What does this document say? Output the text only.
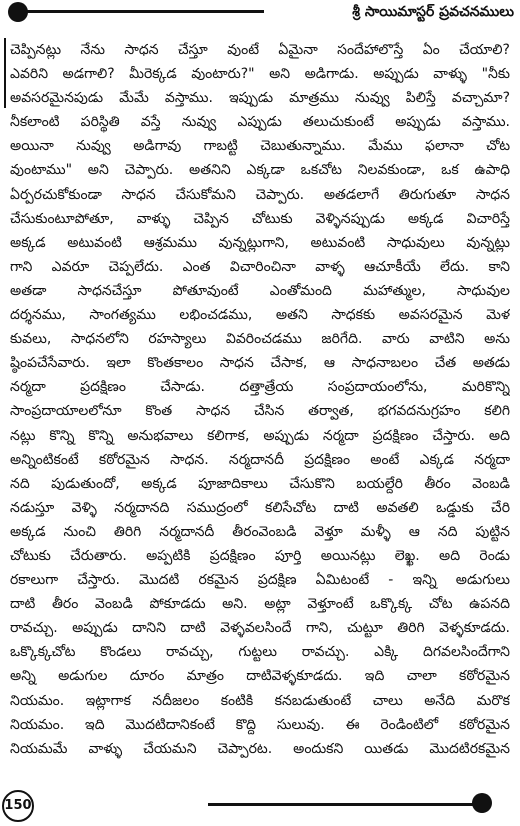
శ్రీ సాయిమాస్టర్ ప్రవచనములు
చెప్పినట్లు నేను సాధన చేస్తూ వుంటే ఏమైనా సందేహాలొస్తే ఏం చేయాలి?
ఎవరిని అడగాలి? మీరెక్కడ వుంటారు?" అని అడిగాడు. అప్పుడు వాళ్ళు "నీకు
అవసరమైనపుడు మేమే వస్తాము. ఇప్పుడు మాత్రము నువ్వు పిలిస్తే వచ్చామా?
నీకలాంటి పరిస్థితి వస్తే నువ్వు ఎప్పుడు తలుచుకుంటే అప్పుడు వస్తాము.
అయినా నువ్వు అడిగావు గాబట్టి చెబుతున్నాము. మేము ఫలానా చోట
వుంటాము" అని చెప్పారు. అతనిని ఎక్కడా ఒకచోట నిలవకుండా, ఒక ఉపాధి
ఏర్పరచుకోకుండా సాధన చేసుకోమని చెప్పారు. అతడలాగే తిరుగుతూ సాధన
చేసుకుంటూపోతూ, వాళ్ళు చెప్పిన చోటుకు వెళ్ళినప్పుడు అక్కడ విచారిస్తే
అక్కడ అటువంటి ఆశ్రమము వున్నట్లుగాని, అటువంటి సాధువులు వున్నట్లు
గాని ఎవరూ చెప్పలేదు. ఎంత విచారించినా వాళ్ళ ఆచూకీయే లేదు. కాని
అతడా సాధనచేస్తూ పోతూవుంటే ఎంతోమంది మహాత్ముల, సాధువుల
దర్శనము, సాంగత్యము లభించడము, అతని సాధకకు అవసరమైన మెళ
కువలు, సాధనలోని రహస్యాలు వివరించడము జరిగేది. వారు వాటిని అను
ష్ఠింపచేసేవారు. ఇలా కొంతకాలం సాధన చేసాక, ఆ సాధనాబలం చేత అతడు
నర్మదా ప్రదక్షిణం చేసాడు. దత్తాత్రేయ సంప్రదాయంలోను, మరికొన్ని
సాంప్రదాయాలలోనూ కొంత సాధన చేసిన తర్వాత, భగవదనుగ్రహం కలిగి
నట్లు కొన్ని కొన్ని అనుభవాలు కలిగాక, అప్పుడు నర్మదా ప్రదక్షిణం చేస్తారు. అది
అన్నింటికంటే కఠోరమైన సాధన. నర్మదానదీ ప్రదక్షిణం అంటే ఎక్కడ నర్మదా
నది పుడుతుందో, అక్కడ పూజాదికాలు చేసుకొని బయల్దేరి తీరం వెంబడి
నడుస్తూ వెళ్ళి నర్మదానది సముద్రంలో కలిసేచోట దాటి అవతలి ఒడ్డుకు చేరి
అక్కడ నుంచి తిరిగి నర్మదానదీ తీరంవెంబడి వెళ్తూ మళ్ళీ ఆ నది పుట్టిన
చోటుకు చేరుతారు. అప్పటికి ప్రదక్షిణం పూర్తి అయినట్లు లెఖ్ఖ. అది రెండు
రకాలుగా చేస్తారు. మొదటి రకమైన ప్రదక్షిణ ఏమిటంటే - ఇన్ని అడుగులు
దాటి తీరం వెంబడి పోకూడదు అని. అట్లా వెళ్తూంటే ఒక్కొక్క చోట ఉపనది
రావచ్చు. అప్పుడు దానిని దాటి వెళ్ళవలసిందే గాని, చుట్టూ తిరిగి వెళ్ళకూడదు.
ఒక్కొక్కచోట కొండలు రావచ్చు, గుట్టలు రావచ్చు. ఎక్కి దిగవలసిందేగాని
అన్ని అడుగుల దూరం మాత్రం దాటివెళ్ళకూడదు. ఇది చాలా కఠోరమైన
నియమం. ఇట్లాగాక నదీజలం కంటికి కనబడుతుంటే చాలు అనేది మరొక
నియమం. ఇది మొదటిదానికంటే కొద్ది సులువు. ఈ రెండింటిలో కఠోరమైన
నియమమే వాళ్ళు చేయమని చెప్పారట. అందుకని యితడు మొదటిరకమైన
150
